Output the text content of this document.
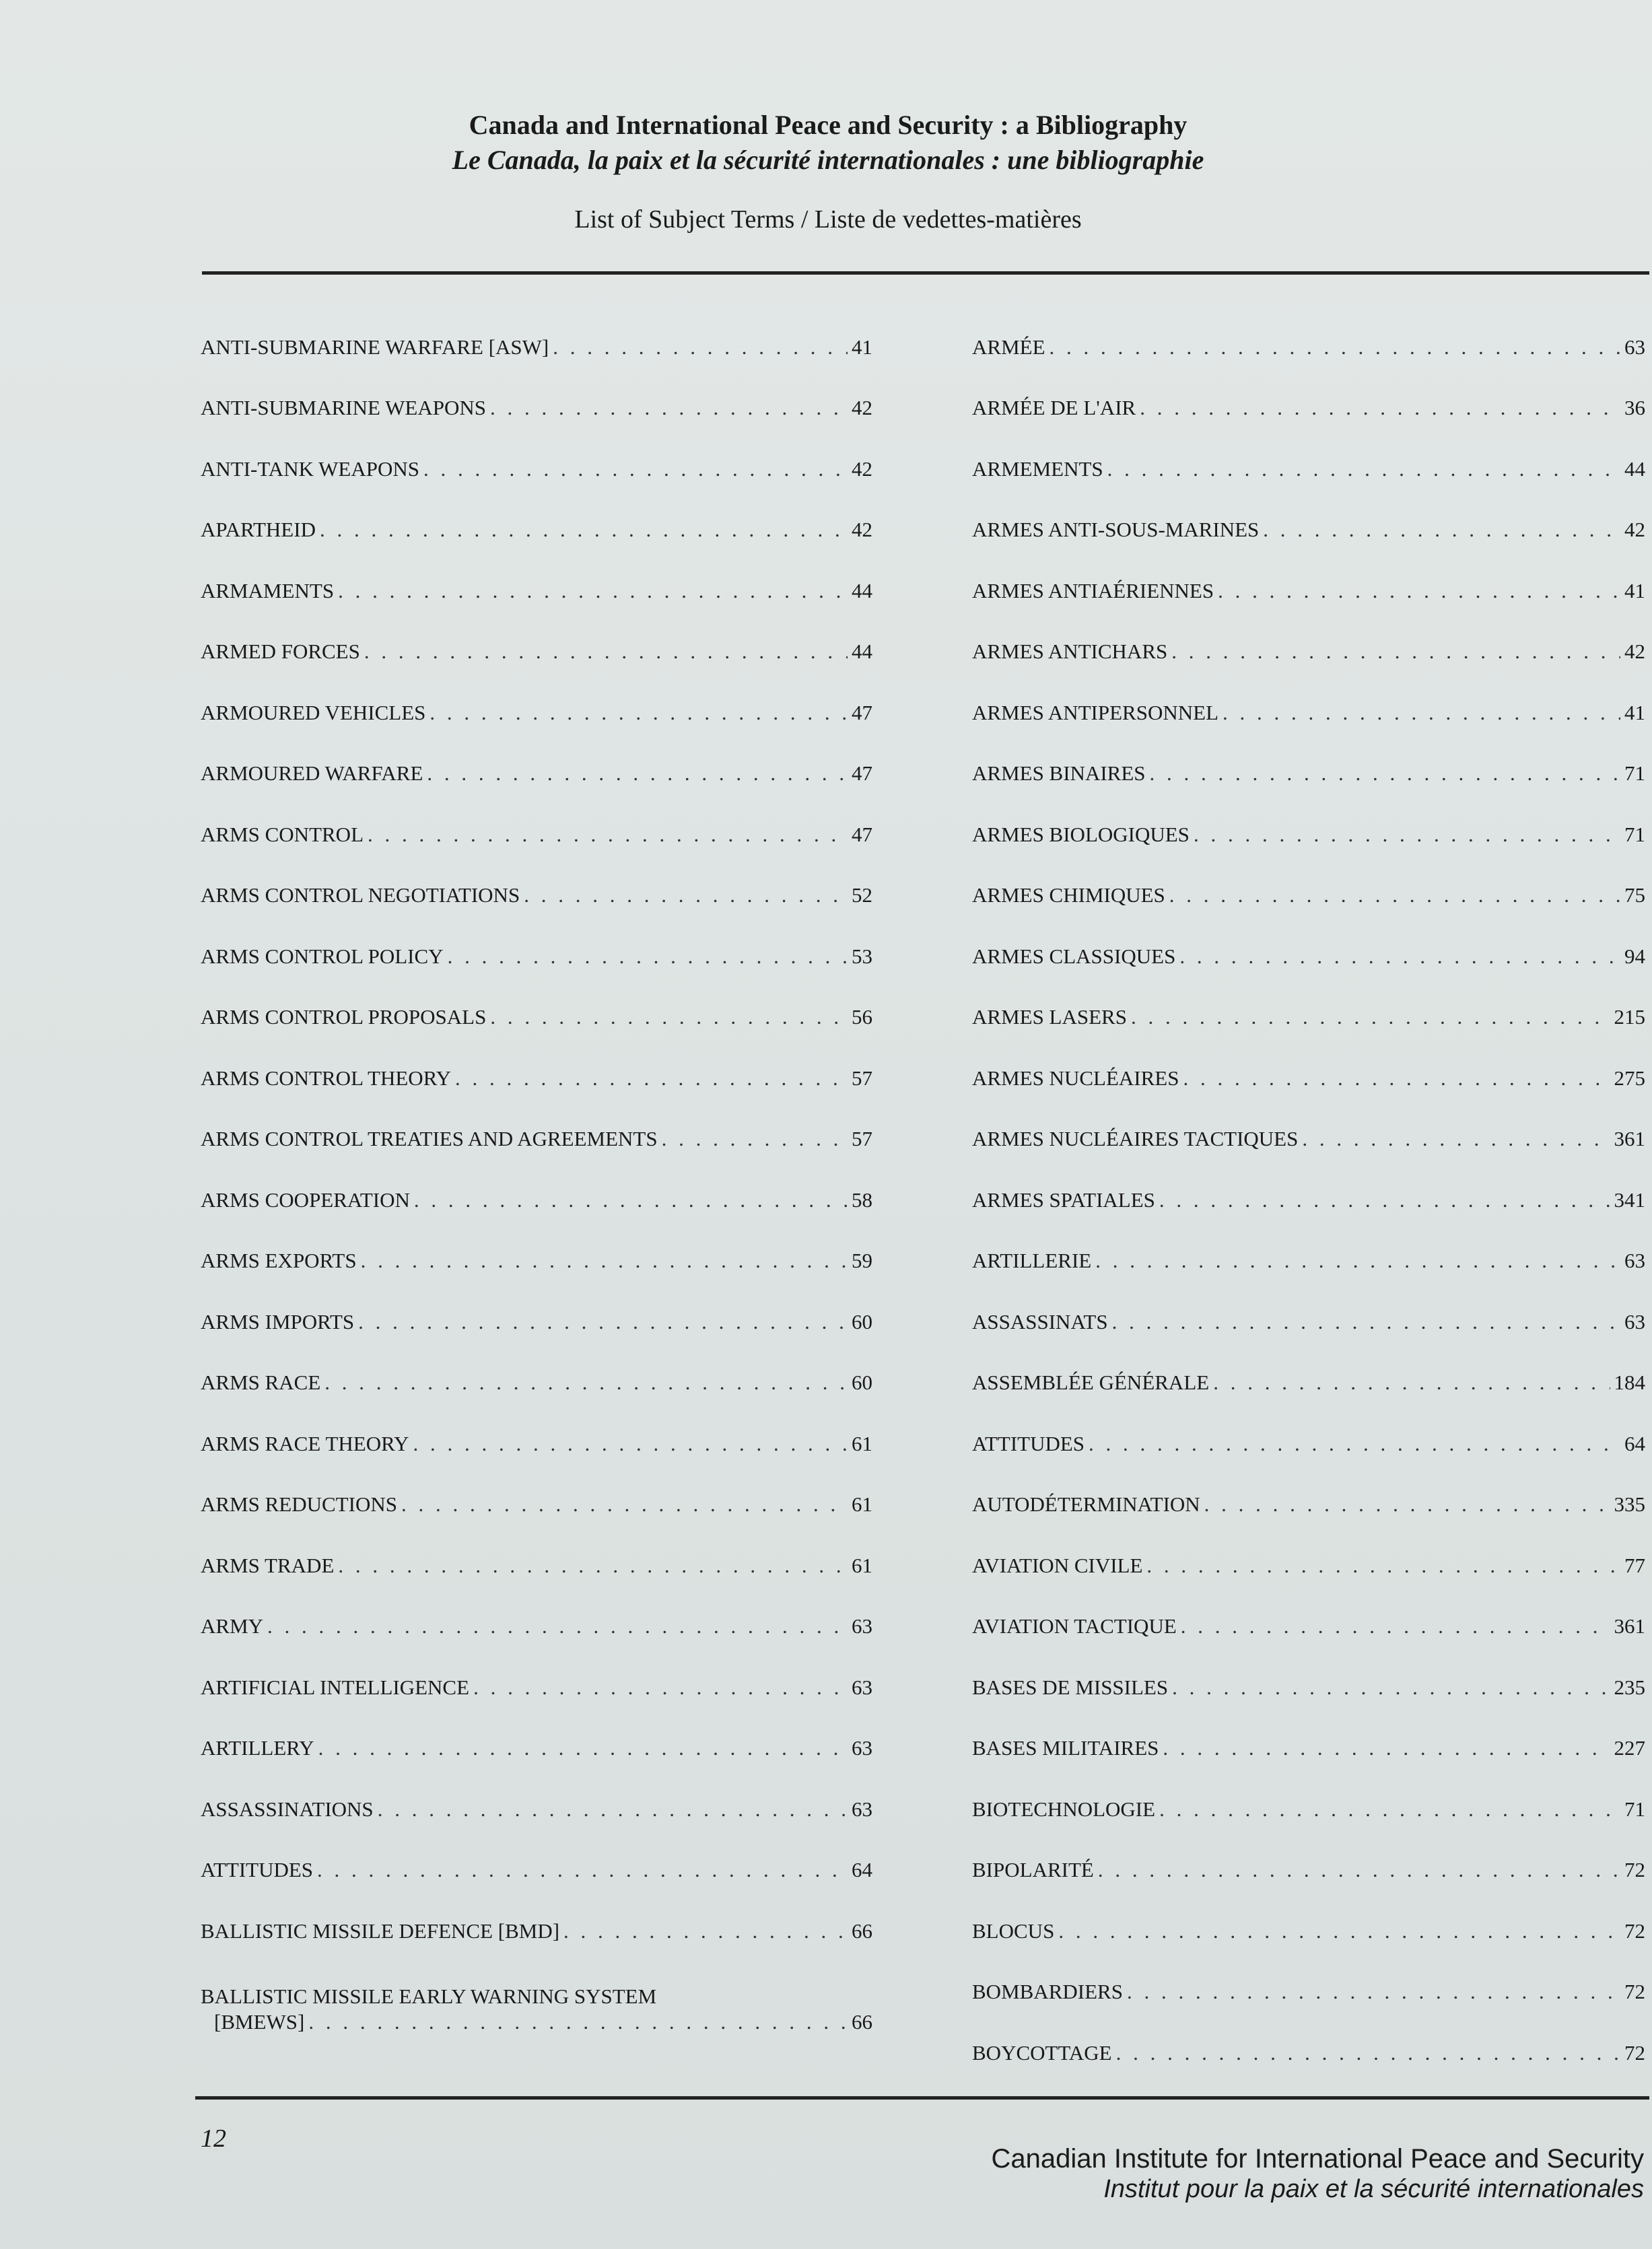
Canada and International Peace and Security : a Bibliography
Le Canada, la paix et la sécurité internationales : une bibliographie
List of Subject Terms / Liste de vedettes-matières
ANTI-SUBMARINE WARFARE [ASW] . . .	41
ANTI-SUBMARINE WEAPONS . . .	42
ANTI-TANK WEAPONS . . .	42
APARTHEID . . .	42
ARMAMENTS . . .	44
ARMED FORCES . . .	44
ARMOURED VEHICLES . . .	47
ARMOURED WARFARE . . .	47
ARMS CONTROL . . .	47
ARMS CONTROL NEGOTIATIONS . . .	52
ARMS CONTROL POLICY . . .	53
ARMS CONTROL PROPOSALS . . .	56
ARMS CONTROL THEORY . . .	57
ARMS CONTROL TREATIES AND AGREEMENTS . . .	57
ARMS COOPERATION . . .	58
ARMS EXPORTS . . .	59
ARMS IMPORTS . . .	60
ARMS RACE . . .	60
ARMS RACE THEORY . . .	61
ARMS REDUCTIONS . . .	61
ARMS TRADE . . .	61
ARMY . . .	63
ARTIFICIAL INTELLIGENCE . . .	63
ARTILLERY . . .	63
ASSASSINATIONS . . .	63
ATTITUDES . . .	64
BALLISTIC MISSILE DEFENCE [BMD] . . .	66
BALLISTIC MISSILE EARLY WARNING SYSTEM
[BMEWS] . . .	66
ARMÉE . . .	63
ARMÉE DE L'AIR . . .	36
ARMEMENTS . . .	44
ARMES ANTI-SOUS-MARINES . . .	42
ARMES ANTIAÉRIENNES . . .	41
ARMES ANTICHARS . . .	42
ARMES ANTIPERSONNEL . . .	41
ARMES BINAIRES . . .	71
ARMES BIOLOGIQUES . . .	71
ARMES CHIMIQUES . . .	75
ARMES CLASSIQUES . . .	94
ARMES LASERS . . .	215
ARMES NUCLÉAIRES . . .	275
ARMES NUCLÉAIRES TACTIQUES . . .	361
ARMES SPATIALES . . .	341
ARTILLERIE . . .	63
ASSASSINATS . . .	63
ASSEMBLÉE GÉNÉRALE . . .	184
ATTITUDES . . .	64
AUTODÉTERMINATION . . .	335
AVIATION CIVILE . . .	77
AVIATION TACTIQUE . . .	361
BASES DE MISSILES . . .	235
BASES MILITAIRES . . .	227
BIOTECHNOLOGIE . . .	71
BIPOLARITÉ . . .	72
BLOCUS . . .	72
BOMBARDIERS . . .	72
BOYCOTTAGE . . .	72
12
Canadian Institute for International Peace and Security
Institut pour la paix et la sécurité internationales
